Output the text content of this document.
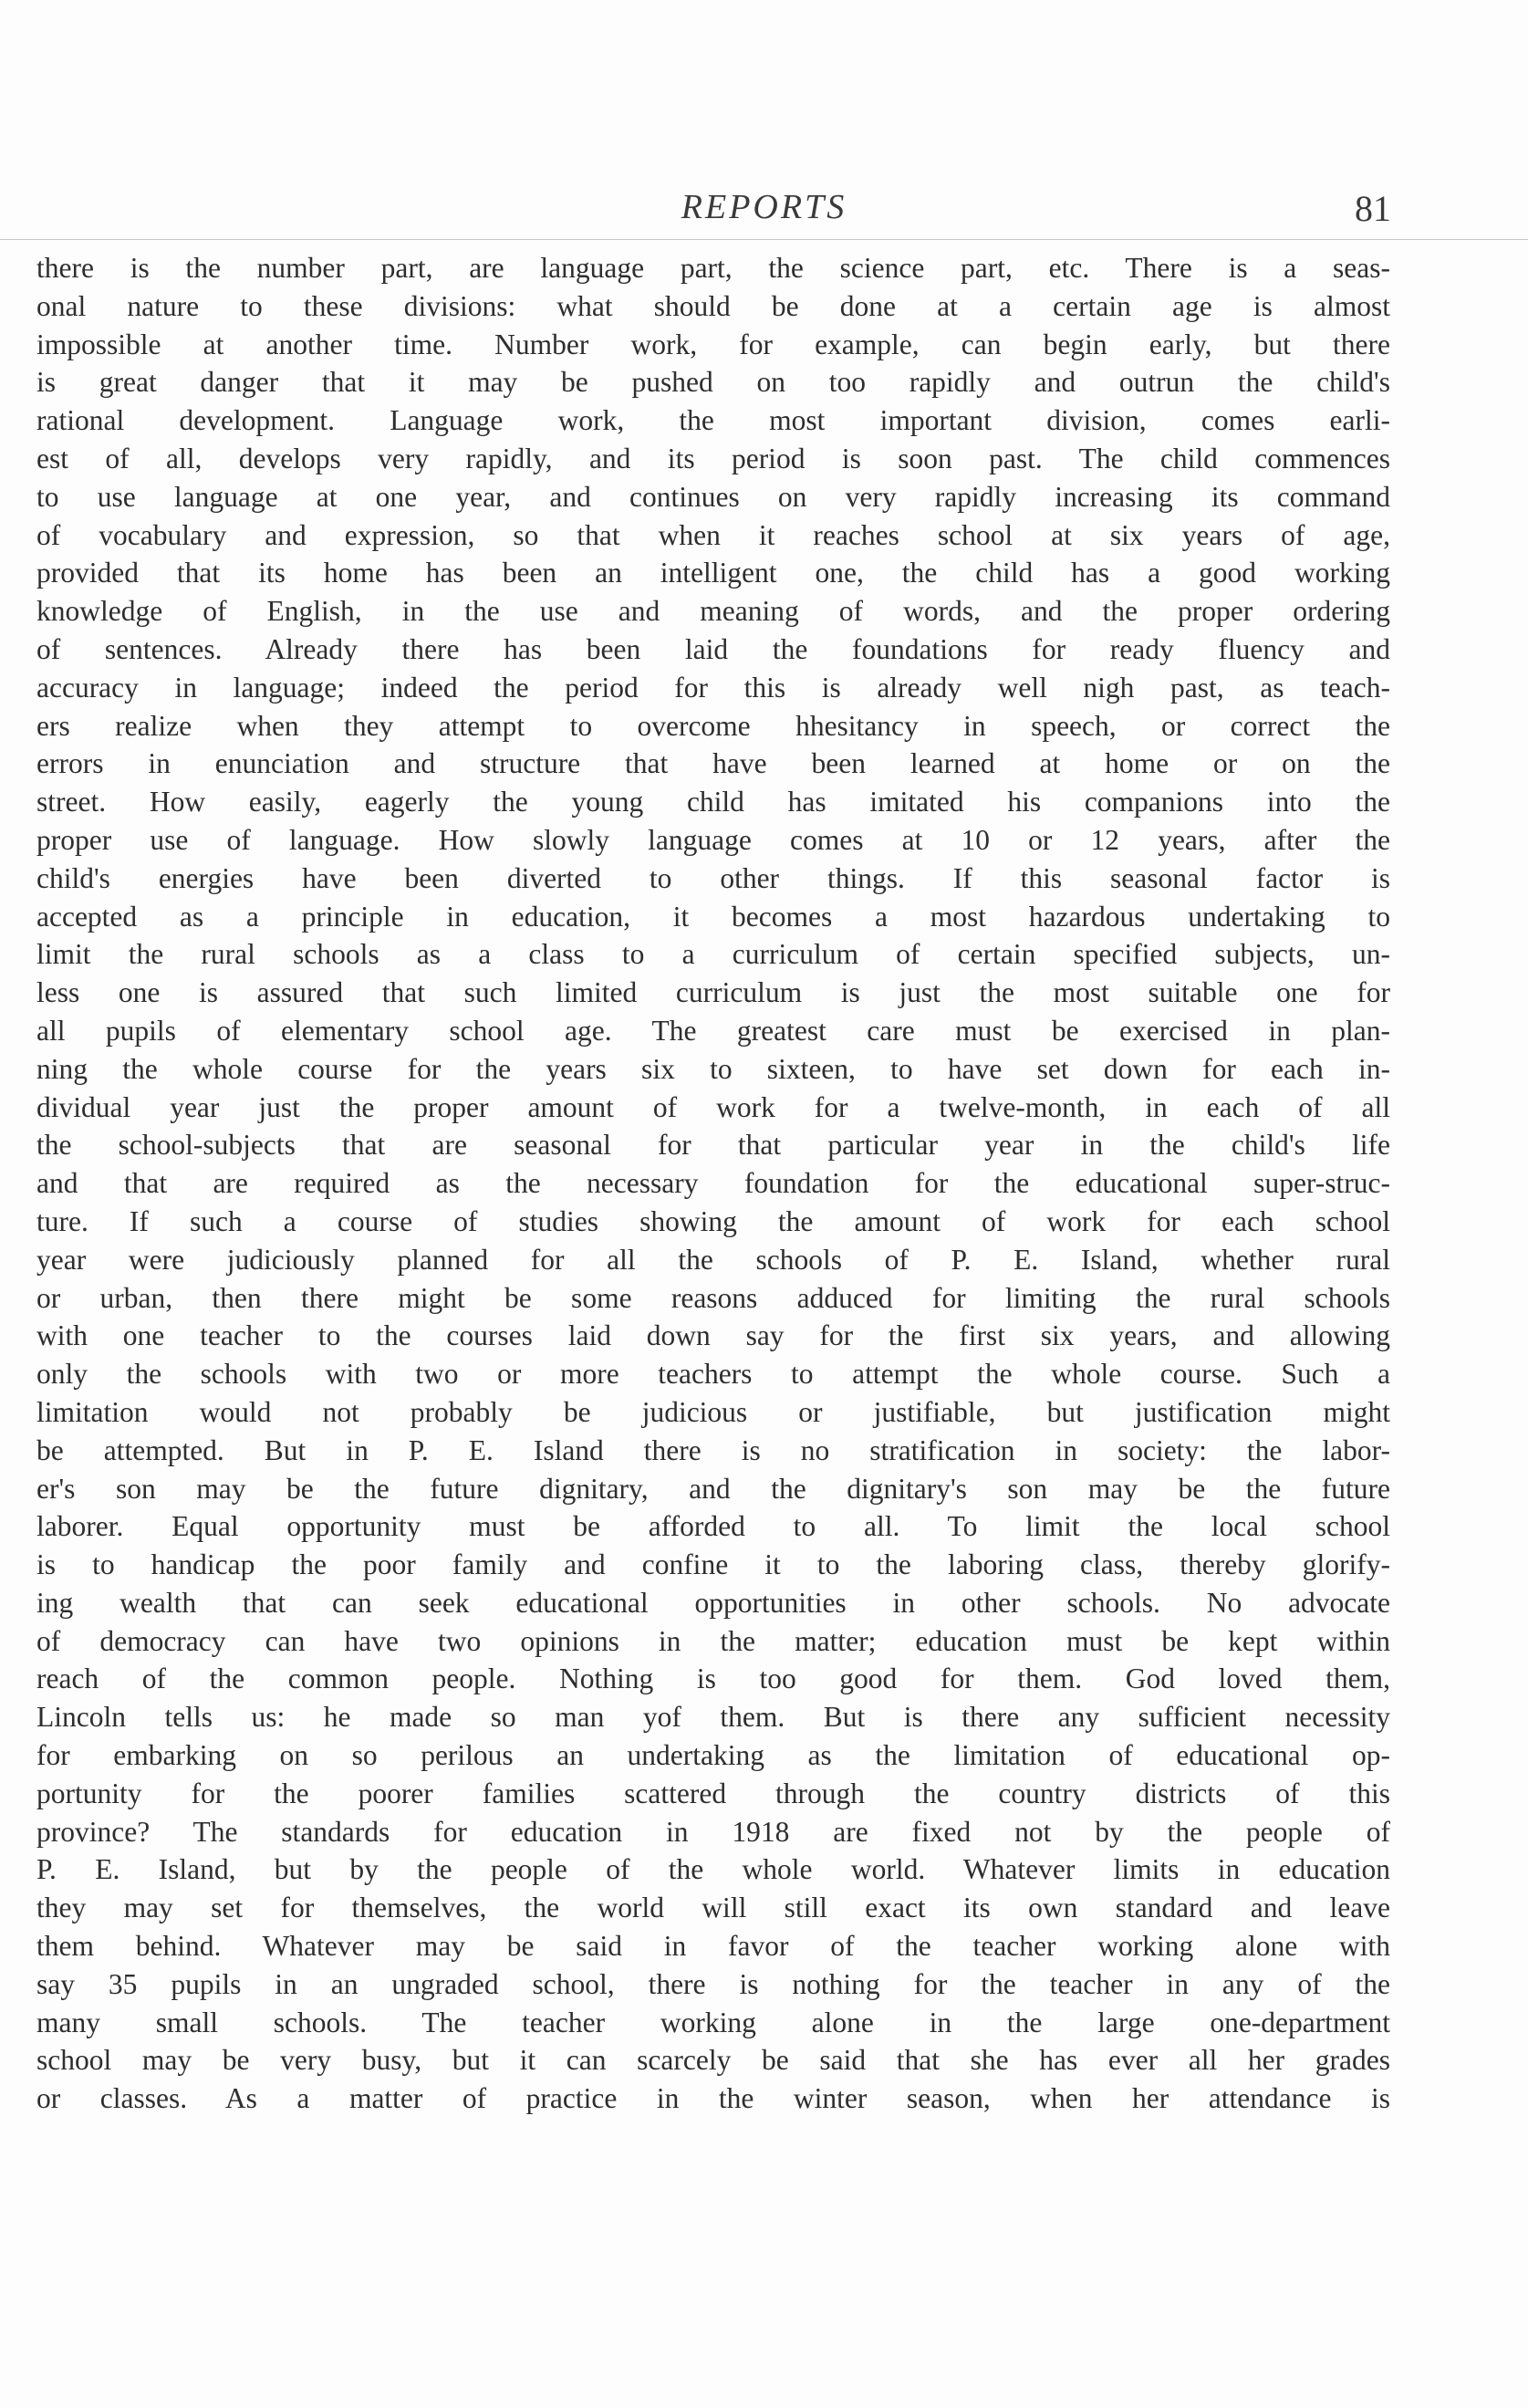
REPORTS	81
there is the number part, are language part, the science part, etc. There is a seas-
onal nature to these divisions: what should be done at a certain age is almost
impossible at another time. Number work, for example, can begin early, but there
is great danger that it may be pushed on too rapidly and outrun the child's
rational development. Language work, the most important division, comes earli-
est of all, develops very rapidly, and its period is soon past. The child commences
to use language at one year, and continues on very rapidly increasing its command
of vocabulary and expression, so that when it reaches school at six years of age,
provided that its home has been an intelligent one, the child has a good working
knowledge of English, in the use and meaning of words, and the proper ordering
of sentences. Already there has been laid the foundations for ready fluency and
accuracy in language; indeed the period for this is already well nigh past, as teach-
ers realize when they attempt to overcome hhesitancy in speech, or correct the
errors in enunciation and structure that have been learned at home or on the
street. How easily, eagerly the young child has imitated his companions into the
proper use of language. How slowly language comes at 10 or 12 years, after the
child's energies have been diverted to other things. If this seasonal factor is
accepted as a principle in education, it becomes a most hazardous undertaking to
limit the rural schools as a class to a curriculum of certain specified subjects, un-
less one is assured that such limited curriculum is just the most suitable one for
all pupils of elementary school age. The greatest care must be exercised in plan-
ning the whole course for the years six to sixteen, to have set down for each in-
dividual year just the proper amount of work for a twelve-month, in each of all
the school-subjects that are seasonal for that particular year in the child's life
and that are required as the necessary foundation for the educational super-struc-
ture. If such a course of studies showing the amount of work for each school
year were judiciously planned for all the schools of P. E. Island, whether rural
or urban, then there might be some reasons adduced for limiting the rural schools
with one teacher to the courses laid down say for the first six years, and allowing
only the schools with two or more teachers to attempt the whole course. Such a
limitation would not probably be judicious or justifiable, but justification might
be attempted. But in P. E. Island there is no stratification in society: the labor-
er's son may be the future dignitary, and the dignitary's son may be the future
laborer. Equal opportunity must be afforded to all. To limit the local school
is to handicap the poor family and confine it to the laboring class, thereby glorify-
ing wealth that can seek educational opportunities in other schools. No advocate
of democracy can have two opinions in the matter; education must be kept within
reach of the common people. Nothing is too good for them. God loved them,
Lincoln tells us: he made so man yof them. But is there any sufficient necessity
for embarking on so perilous an undertaking as the limitation of educational op-
portunity for the poorer families scattered through the country districts of this
province? The standards for education in 1918 are fixed not by the people of
P. E. Island, but by the people of the whole world. Whatever limits in education
they may set for themselves, the world will still exact its own standard and leave
them behind. Whatever may be said in favor of the teacher working alone with
say 35 pupils in an ungraded school, there is nothing for the teacher in any of the
many small schools. The teacher working alone in the large one-department
school may be very busy, but it can scarcely be said that she has ever all her grades
or classes. As a matter of practice in the winter season, when her attendance is
